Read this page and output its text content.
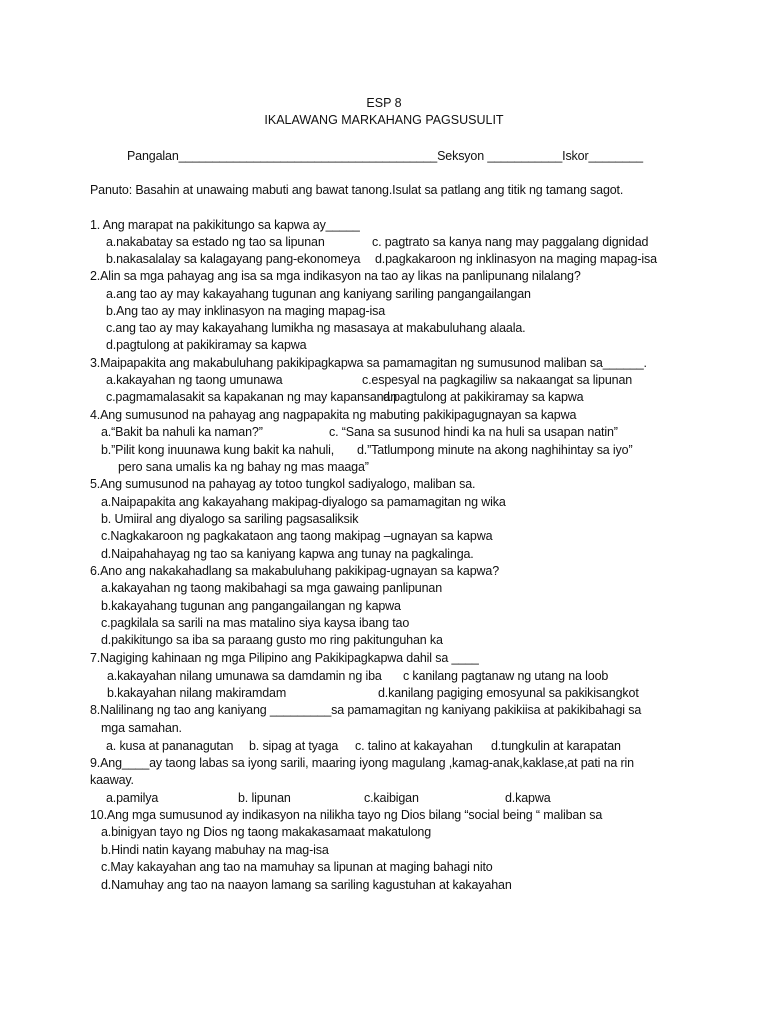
ESP 8
IKALAWANG MARKAHANG PAGSUSULIT
Pangalan______________________________________Seksyon ___________Iskor________
Panuto: Basahin at unawaing mabuti ang bawat tanong.Isulat sa patlang ang titik ng tamang sagot.
1. Ang marapat na pakikitungo sa kapwa ay_____
a.nakabatay sa estado ng tao sa lipunan	c. pagtrato sa kanya nang may paggalang dignidad
b.nakasalalay sa kalagayang pang-ekonomeya d.pagkakaroon ng inklinasyon na maging mapag-isa
2.Alin sa mga pahayag ang isa sa mga indikasyon na tao ay likas na panlipunang nilalang?
a.ang tao ay may kakayahang tugunan ang kaniyang sariling pangangailangan
b.Ang tao ay may inklinasyon na maging mapag-isa
c.ang tao ay may kakayahang lumikha ng masasaya at makabuluhang alaala.
d.pagtulong at pakikiramay sa kapwa
3.Maipapakita ang makabuluhang pakikipagkapwa sa pamamagitan ng sumusunod maliban sa______.
a.kakayahan ng taong umunawa	c.espesyal na pagkagiliw sa nakaangat sa lipunan
c.pagmamalasakit sa kapakanan ng may kapansanan
d.pagtulong at pakikiramay sa kapwa
4.Ang sumusunod na pahayag ang nagpapakita ng mabuting pakikipagugnayan sa kapwa
a.“Bakit ba nahuli ka naman?”	c. “Sana sa susunod hindi ka na huli sa usapan natin”
b.”Pilit kong inuunawa kung bakit ka nahuli, d.”Tatlumpong minute na akong naghihintay sa iyo”
pero sana umalis ka ng bahay ng mas maaga”
5.Ang sumusunod na pahayag ay totoo tungkol sadiyalogo, maliban sa.
a.Naipapakita ang kakayahang makipag-diyalogo sa pamamagitan ng wika
b. Umiiral ang diyalogo sa sariling pagsasaliksik
c.Nagkakaroon ng pagkakataon ang taong makipag –ugnayan sa kapwa
d.Naipahahayag ng tao sa kaniyang kapwa ang tunay na pagkalinga.
6.Ano ang nakakahadlang sa makabuluhang pakikipag-ugnayan sa kapwa?
a.kakayahan ng taong makibahagi sa mga gawaing panlipunan
b.kakayahang tugunan ang pangangailangan ng kapwa
c.pagkilala sa sarili na mas matalino siya kaysa ibang tao
d.pakikitungo sa iba sa paraang gusto mo ring pakitunguhan ka
7.Nagiging kahinaan ng mga Pilipino ang Pakikipagkapwa dahil sa ____
a.kakayahan nilang umunawa sa damdamin ng iba c kanilang pagtanaw ng utang na loob
b.kakayahan nilang makiramdam	d.kanilang pagiging emosyunal sa pakikisangkot
8.Nalilinang ng tao ang kaniyang _________sa pamamagitan ng kaniyang pakikiisa at pakikibahagi sa
mga samahan.
a. kusa at pananagutan b. sipag at tyaga c. talino at kakayahan d.tungkulin at karapatan
9.Ang____ay taong labas sa iyong sarili, maaring iyong magulang ,kamag-anak,kaklase,at pati na rin
kaaway.
a.pamilya	b. lipunan	c.kaibigan	d.kapwa
10.Ang mga sumusunod ay indikasyon na nilikha tayo ng Dios bilang “social being “ maliban sa
a.binigyan tayo ng Dios ng taong makakasamaat makatulong
b.Hindi natin kayang mabuhay na mag-isa
c.May kakayahan ang tao na mamuhay sa lipunan at maging bahagi nito
d.Namuhay ang tao na naayon lamang sa sariling kagustuhan at kakayahan
